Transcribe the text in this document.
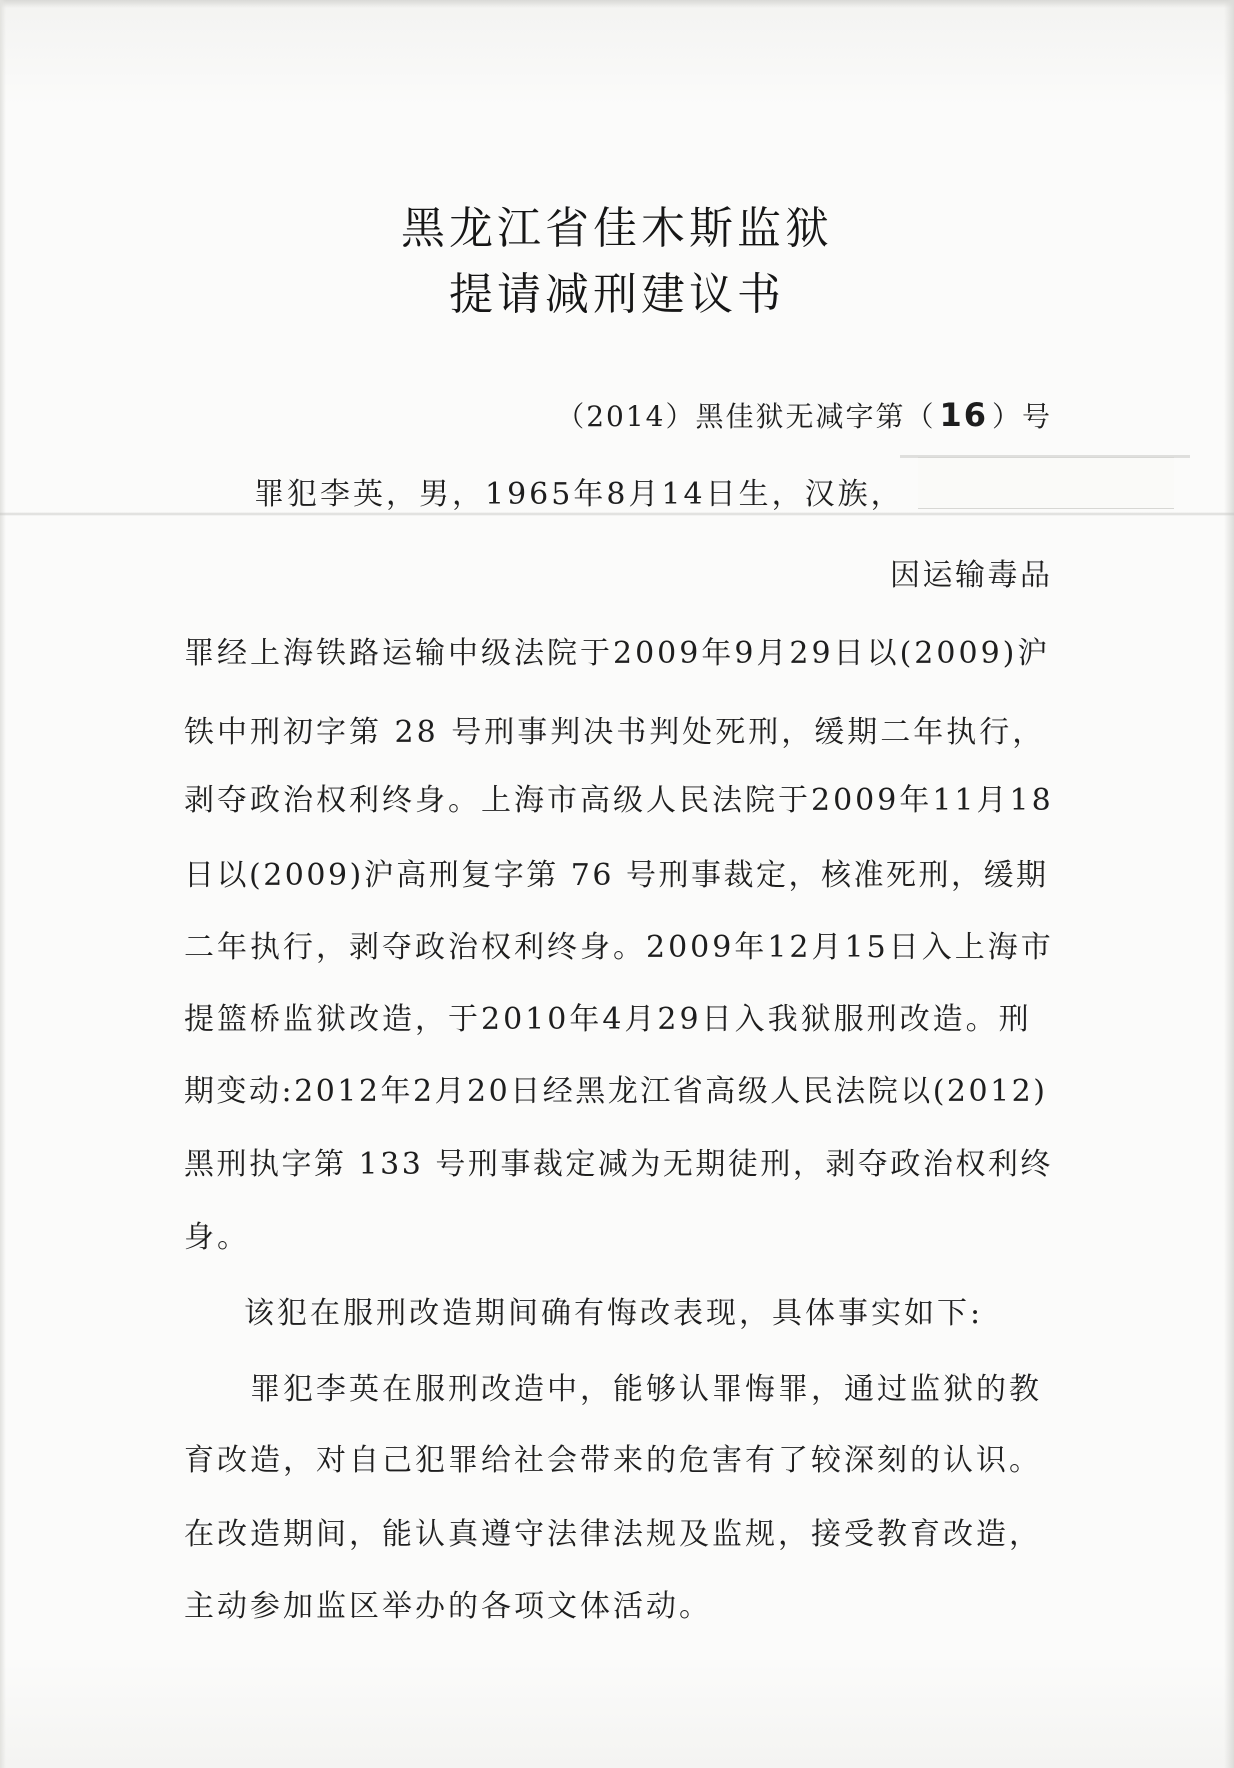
黑龙江省佳木斯监狱
提请减刑建议书
（2014）黑佳狱无减字第（ 16 ）号
罪犯李英，男，1965年8月14日生，汉族，
因运输毒品
罪经上海铁路运输中级法院于2009年9月29日以(2009)沪
铁中刑初字第 28 号刑事判决书判处死刑，缓期二年执行，
剥夺政治权利终身。上海市高级人民法院于2009年11月18
日以(2009)沪高刑复字第 76 号刑事裁定，核准死刑，缓期
二年执行，剥夺政治权利终身。2009年12月15日入上海市
提篮桥监狱改造，于2010年4月29日入我狱服刑改造。刑
期变动:2012年2月20日经黑龙江省高级人民法院以(2012)
黑刑执字第 133 号刑事裁定减为无期徒刑，剥夺政治权利终
身。
该犯在服刑改造期间确有悔改表现，具体事实如下:
罪犯李英在服刑改造中，能够认罪悔罪，通过监狱的教
育改造，对自己犯罪给社会带来的危害有了较深刻的认识。
在改造期间，能认真遵守法律法规及监规，接受教育改造，
主动参加监区举办的各项文体活动。
